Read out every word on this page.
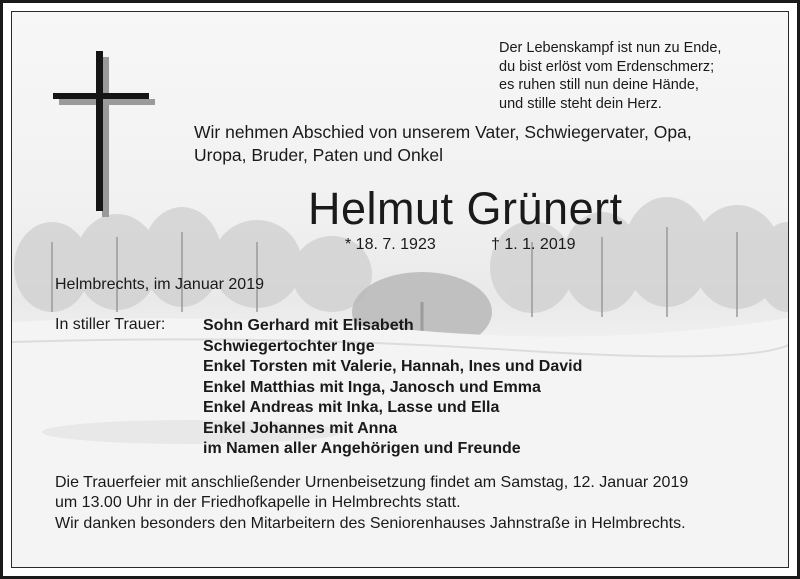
Der Lebenskampf ist nun zu Ende,
du bist erlöst vom Erdenschmerz;
es ruhen still nun deine Hände,
und stille steht dein Herz.
Wir nehmen Abschied von unserem Vater, Schwiegervater, Opa,
Uropa, Bruder, Paten und Onkel
Helmut Grünert
* 18. 7. 1923	† 1. 1. 2019
Helmbrechts, im Januar 2019
In stiller Trauer: Sohn Gerhard mit Elisabeth
Schwiegertochter Inge
Enkel Torsten mit Valerie, Hannah, Ines und David
Enkel Matthias mit Inga, Janosch und Emma
Enkel Andreas mit Inka, Lasse und Ella
Enkel Johannes mit Anna
im Namen aller Angehörigen und Freunde
Die Trauerfeier mit anschließender Urnenbeisetzung findet am Samstag, 12. Januar 2019
um 13.00 Uhr in der Friedhofkapelle in Helmbrechts statt.
Wir danken besonders den Mitarbeitern des Seniorenhauses Jahnstraße in Helmbrechts.
